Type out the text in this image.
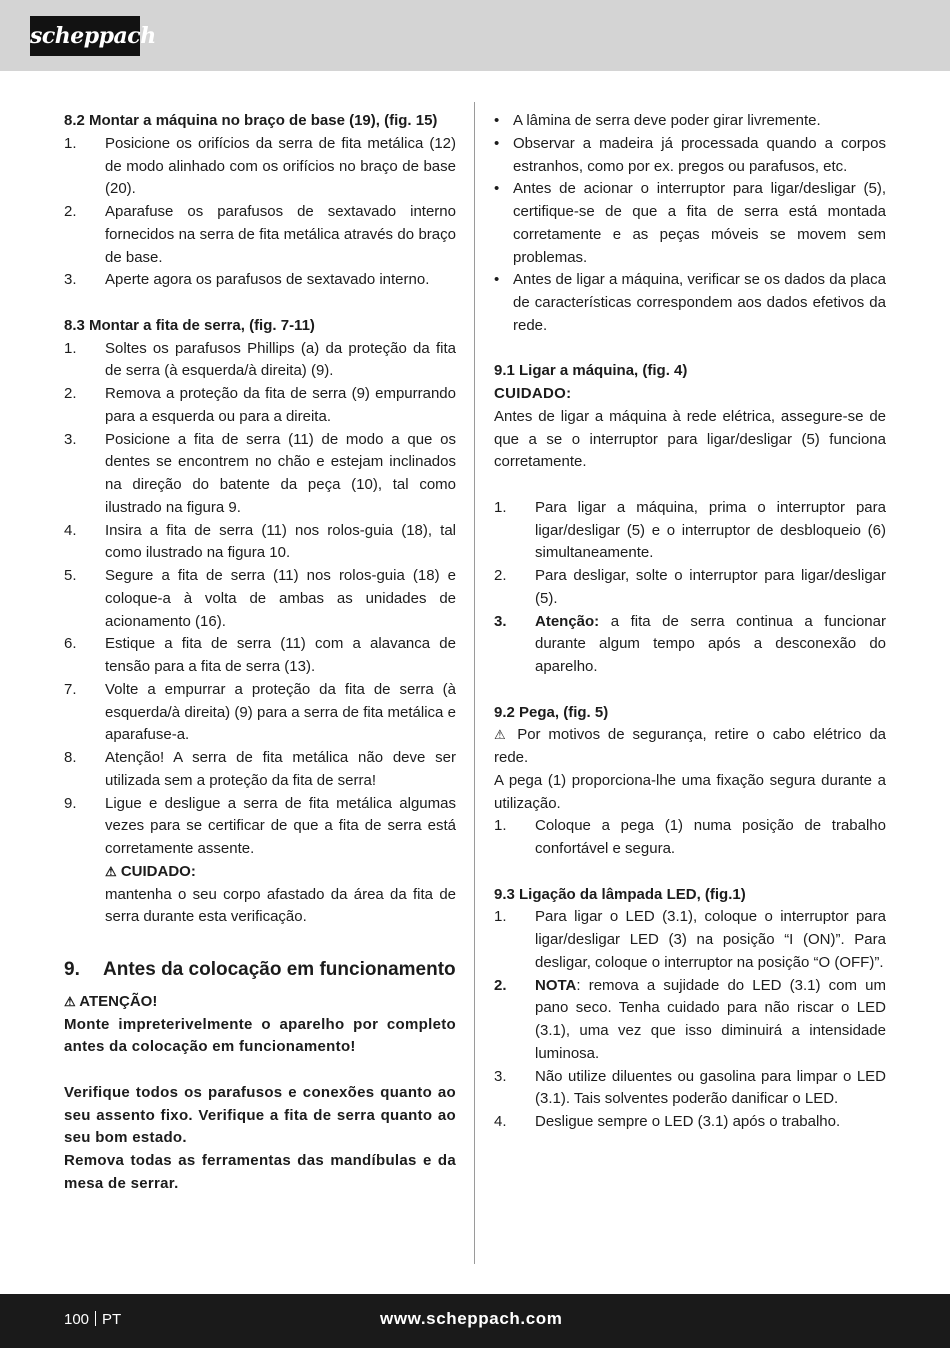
scheppach

8.2 Montar a máquina no braço de base (19), (fig. 15)

1.	Posicione os orifícios da serra de fita metálica (12) de modo alinhado com os orifícios no braço de base (20).
2.	Aparafuse os parafusos de sextavado interno fornecidos na serra de fita metálica através do braço de base.
3.	Aperte agora os parafusos de sextavado interno.

8.3 Montar a fita de serra, (fig. 7-11)

1.	Soltes os parafusos Phillips (a) da proteção da fita de serra (à esquerda/à direita) (9).
2.	Remova a proteção da fita de serra (9) empurrando para a esquerda ou para a direita.
3.	Posicione a fita de serra (11) de modo a que os dentes se encontrem no chão e estejam inclinados na direção do batente da peça (10), tal como ilustrado na figura 9.
4.	Insira a fita de serra (11) nos rolos-guia (18), tal como ilustrado na figura 10.
5.	Segure a fita de serra (11) nos rolos-guia (18) e coloque-a à volta de ambas as unidades de acionamento (16).
6.	Estique a fita de serra (11) com a alavanca de tensão para a fita de serra (13).
7.	Volte a empurrar a proteção da fita de serra (à esquerda/à direita) (9) para a serra de fita metálica e aparafuse-a.
8.	Atenção! A serra de fita metálica não deve ser utilizada sem a proteção da fita de serra!
9.	Ligue e desligue a serra de fita metálica algumas vezes para se certificar de que a fita de serra está corretamente assente.
⚠ CUIDADO:
mantenha o seu corpo afastado da área da fita de serra durante esta verificação.
9.	Antes da colocação em funcionamento

⚠ ATENÇÃO!

Monte impreterivelmente o aparelho por completo antes da colocação em funcionamento!

Verifique todos os parafusos e conexões quanto ao seu assento fixo. Verifique a fita de serra quanto ao seu bom estado.

Remova todas as ferramentas das mandíbulas e da mesa de serrar.

• A lâmina de serra deve poder girar livremente.
• Observar a madeira já processada quando a corpos estranhos, como por ex. pregos ou parafusos, etc.
• Antes de acionar o interruptor para ligar/desligar (5), certifique-se de que a fita de serra está montada corretamente e as peças móveis se movem sem problemas.
• Antes de ligar a máquina, verificar se os dados da placa de características correspondem aos dados efetivos da rede.

9.1 Ligar a máquina, (fig. 4)

CUIDADO:

Antes de ligar a máquina à rede elétrica, assegure-se de que a se o interruptor para ligar/desligar (5) funciona corretamente.

1.	Para ligar a máquina, prima o interruptor para ligar/desligar (5) e o interruptor de desbloqueio (6) simultaneamente.
2.	Para desligar, solte o interruptor para ligar/desligar (5).
3.	Atenção: a fita de serra continua a funcionar durante algum tempo após a desconexão do aparelho.

9.2 Pega, (fig. 5)

⚠ Por motivos de segurança, retire o cabo elétrico da rede.

A pega (1) proporciona-lhe uma fixação segura durante a utilização.

1.	Coloque a pega (1) numa posição de trabalho confortável e segura.

9.3 Ligação da lâmpada LED, (fig.1)

1.	Para ligar o LED (3.1), coloque o interruptor para ligar/desligar LED (3) na posição “I (ON)”. Para desligar, coloque o interruptor na posição “O (OFF)”.
2.	NOTA: remova a sujidade do LED (3.1) com um pano seco. Tenha cuidado para não riscar o LED (3.1), uma vez que isso diminuirá a intensidade luminosa.
3.	Não utilize diluentes ou gasolina para limpar o LED (3.1). Tais solventes poderão danificar o LED.
4.	Desligue sempre o LED (3.1) após o trabalho.
100 PT	www.scheppach.com
